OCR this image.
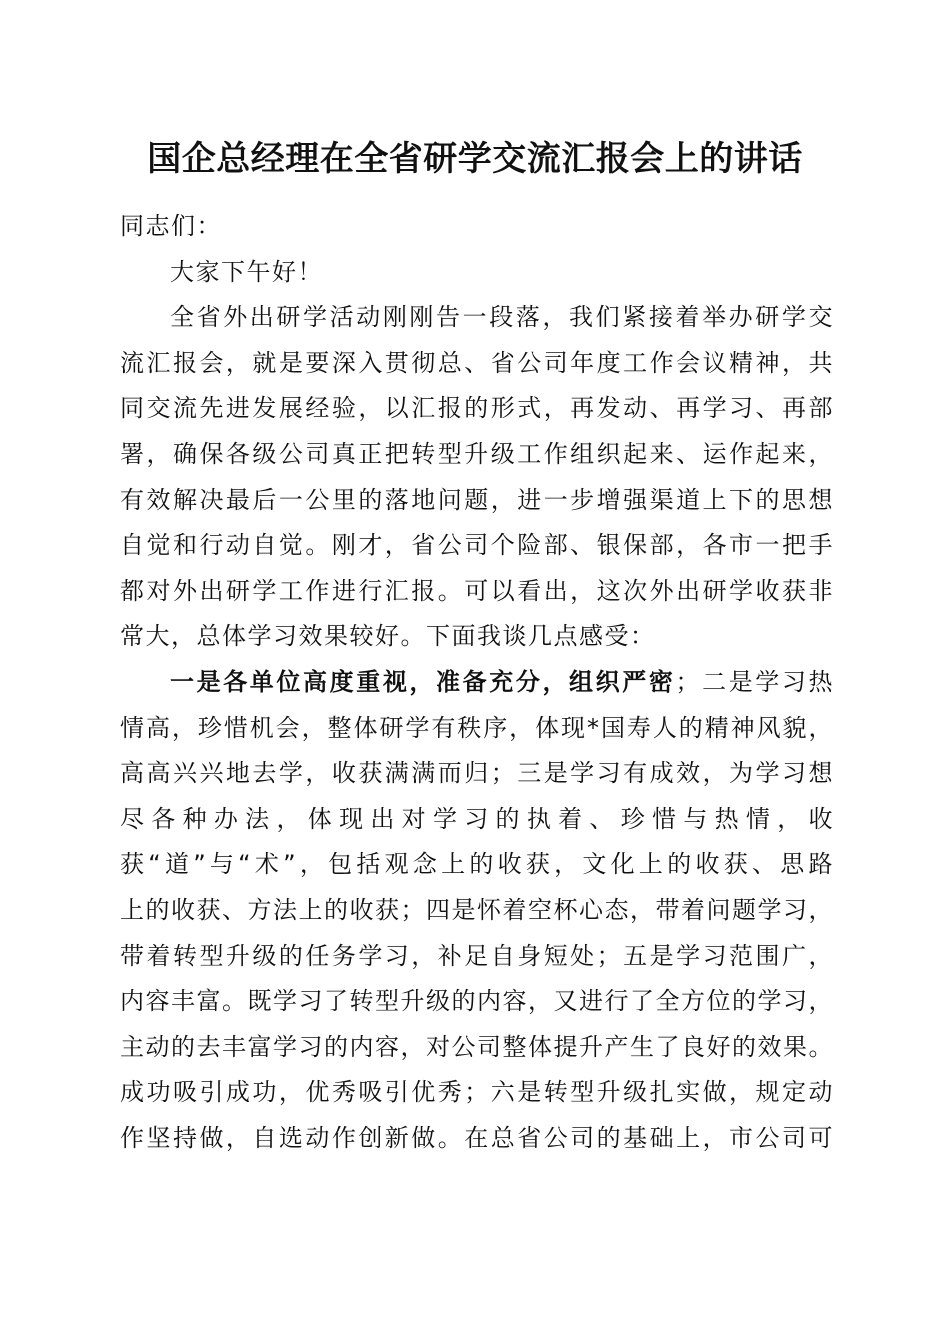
国企总经理在全省研学交流汇报会上的讲话
同志们：
大家下午好！
全省外出研学活动刚刚告一段落，我们紧接着举办研学交
流汇报会，就是要深入贯彻总、省公司年度工作会议精神，共
同交流先进发展经验，以汇报的形式，再发动、再学习、再部
署，确保各级公司真正把转型升级工作组织起来、运作起来，
有效解决最后一公里的落地问题，进一步增强渠道上下的思想
自觉和行动自觉。刚才，省公司个险部、银保部，各市一把手
都对外出研学工作进行汇报。可以看出，这次外出研学收获非
常大，总体学习效果较好。下面我谈几点感受：
一是各单位高度重视，准备充分，组织严密；二是学习热
情高，珍惜机会，整体研学有秩序，体现*国寿人的精神风貌，
高高兴兴地去学，收获满满而归；三是学习有成效，为学习想
尽各种办法，体现出对学习的执着、珍惜与热情，收
获“道”与“术”，包括观念上的收获，文化上的收获、思路
上的收获、方法上的收获；四是怀着空杯心态，带着问题学习，
带着转型升级的任务学习，补足自身短处；五是学习范围广，
内容丰富。既学习了转型升级的内容，又进行了全方位的学习，
主动的去丰富学习的内容，对公司整体提升产生了良好的效果。
成功吸引成功，优秀吸引优秀；六是转型升级扎实做，规定动
作坚持做，自选动作创新做。在总省公司的基础上，市公司可
